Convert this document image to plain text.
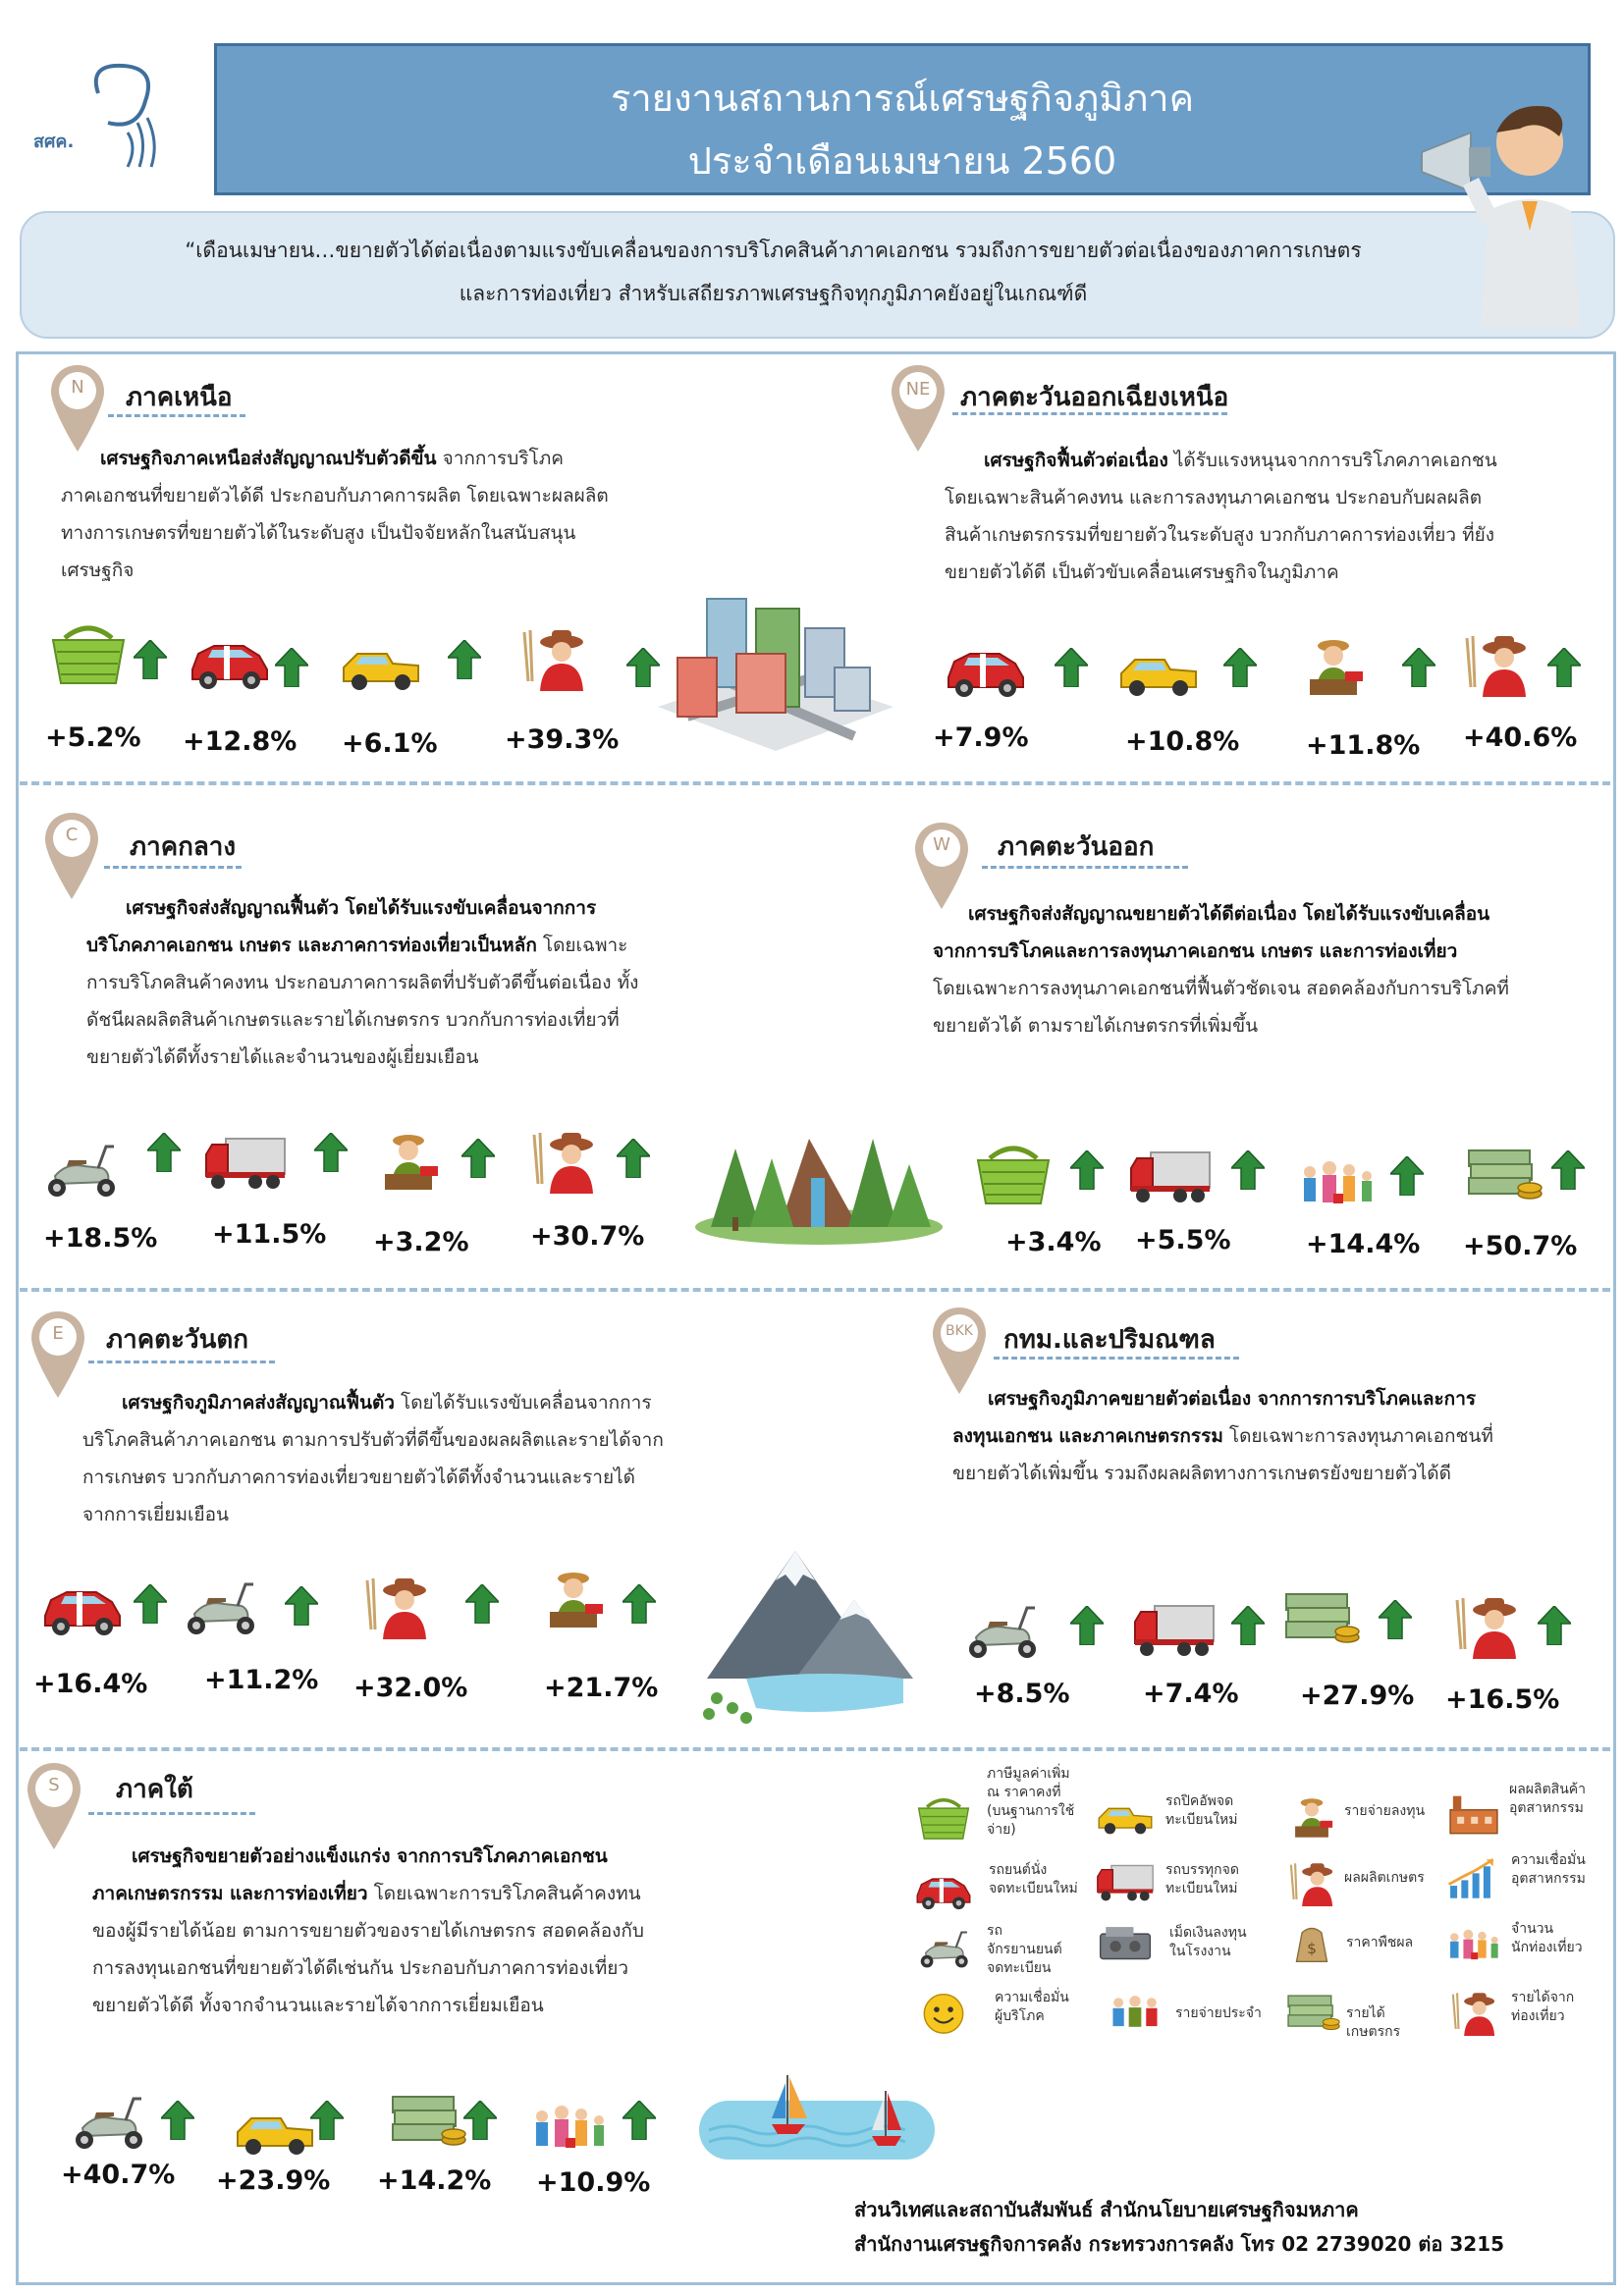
สศค.
รายงานสถานการณ์เศรษฐกิจภูมิภาค
ประจำเดือนเมษายน 2560
“เดือนเมษายน…ขยายตัวได้ต่อเนื่องตามแรงขับเคลื่อนของการบริโภคสินค้าภาคเอกชน รวมถึงการขยายตัวต่อเนื่องของภาคการเกษตร
และการท่องเที่ยว สำหรับเสถียรภาพเศรษฐกิจทุกภูมิภาคยังอยู่ในเกณฑ์ดี
N	ภาคเหนือ
เศรษฐกิจภาคเหนือส่งสัญญาณปรับตัวดีขึ้น จากการบริโภค
ภาคเอกชนที่ขยายตัวได้ดี ประกอบกับภาคการผลิต โดยเฉพาะผลผลิต
ทางการเกษตรที่ขยายตัวได้ในระดับสูง เป็นปัจจัยหลักในสนับสนุน
เศรษฐกิจ
+5.2% +12.8% +6.1%	+39.3%
NE	ภาคตะวันออกเฉียงเหนือ
เศรษฐกิจฟื้นตัวต่อเนื่อง ได้รับแรงหนุนจากการบริโภคภาคเอกชน
โดยเฉพาะสินค้าคงทน และการลงทุนภาคเอกชน ประกอบกับผลผลิต
สินค้าเกษตรกรรมที่ขยายตัวในระดับสูง บวกกับภาคการท่องเที่ยว ที่ยัง
ขยายตัวได้ดี เป็นตัวขับเคลื่อนเศรษฐกิจในภูมิภาค
+7.9%	+10.8%	+11.8% +40.6%
C	ภาคกลาง
เศรษฐกิจส่งสัญญาณฟื้นตัว โดยได้รับแรงขับเคลื่อนจากการ
บริโภคภาคเอกชน เกษตร และภาคการท่องเที่ยวเป็นหลัก โดยเฉพาะ
การบริโภคสินค้าคงทน ประกอบภาคการผลิตที่ปรับตัวดีขึ้นต่อเนื่อง ทั้ง
ดัชนีผลผลิตสินค้าเกษตรและรายได้เกษตรกร บวกกับการท่องเที่ยวที่
ขยายตัวได้ดีทั้งรายได้และจำนวนของผู้เยี่ยมเยือน
+18.5% +11.5% +3.2% +30.7%
W	ภาคตะวันออก
เศรษฐกิจส่งสัญญาณขยายตัวได้ดีต่อเนื่อง โดยได้รับแรงขับเคลื่อน
จากการบริโภคและการลงทุนภาคเอกชน เกษตร และการท่องเที่ยว
โดยเฉพาะการลงทุนภาคเอกชนที่ฟื้นตัวชัดเจน สอดคล้องกับการบริโภคที่
ขยายตัวได้ ตามรายได้เกษตรกรที่เพิ่มขึ้น
+3.4% +5.5%	+14.4% +50.7%
E	ภาคตะวันตก
เศรษฐกิจภูมิภาคส่งสัญญาณฟื้นตัว โดยได้รับแรงขับเคลื่อนจากการ
บริโภคสินค้าภาคเอกชน ตามการปรับตัวที่ดีขึ้นของผลผลิตและรายได้จาก
การเกษตร บวกกับภาคการท่องเที่ยวขยายตัวได้ดีทั้งจำนวนและรายได้
จากการเยี่ยมเยือน
+16.4% +11.2% +32.0%	+21.7%
BKK	กทม.และปริมณฑล
เศรษฐกิจภูมิภาคขยายตัวต่อเนื่อง จากการการบริโภคและการ
ลงทุนเอกชน และภาคเกษตรกรรม โดยเฉพาะการลงทุนภาคเอกชนที่
ขยายตัวได้เพิ่มขึ้น รวมถึงผลผลิตทางการเกษตรยังขยายตัวได้ดี
+8.5%	+7.4% +27.9% +16.5%
S	ภาคใต้
เศรษฐกิจขยายตัวอย่างแข็งแกร่ง จากการบริโภคภาคเอกชน
ภาคเกษตรกรรม และการท่องเที่ยว โดยเฉพาะการบริโภคสินค้าคงทน
ของผู้มีรายได้น้อย ตามการขยายตัวของรายได้เกษตรกร สอดคล้องกับ
การลงทุนเอกชนที่ขยายตัวได้ดีเช่นกัน ประกอบกับภาคการท่องเที่ยว
ขยายตัวได้ดี ทั้งจากจำนวนและรายได้จากการเยี่ยมเยือน
+40.7% +23.9% +14.2% +10.9%
ภาษีมูลค่าเพิ่ม
ณ ราคาคงที่
(บนฐานการใช้
จ่าย)
รถปิคอัพจด
ทะเบียนใหม่
รายจ่ายลงทุน
ผลผลิตสินค้า
อุตสาหกรรม
รถยนต์นั่ง
จดทะเบียนใหม่
รถบรรทุกจด
ทะเบียนใหม่
ผลผลิตเกษตร
ความเชื่อมั่น
อุตสาหกรรม
รถจักรยานยนต์
จดทะเบียน
เม็ดเงินลงทุน
ในโรงงาน
ราคาพืชผล
จำนวน
นักท่องเที่ยว
ความเชื่อมั่น
ผู้บริโภค	รายจ่ายประจำ	รายได้เกษตรกร
รายได้จาก
ท่องเที่ยว
ส่วนวิเทศและสถาบันสัมพันธ์ สำนักนโยบายเศรษฐกิจมหภาค
สำนักงานเศรษฐกิจการคลัง กระทรวงการคลัง โทร 02 2739020 ต่อ 3215
